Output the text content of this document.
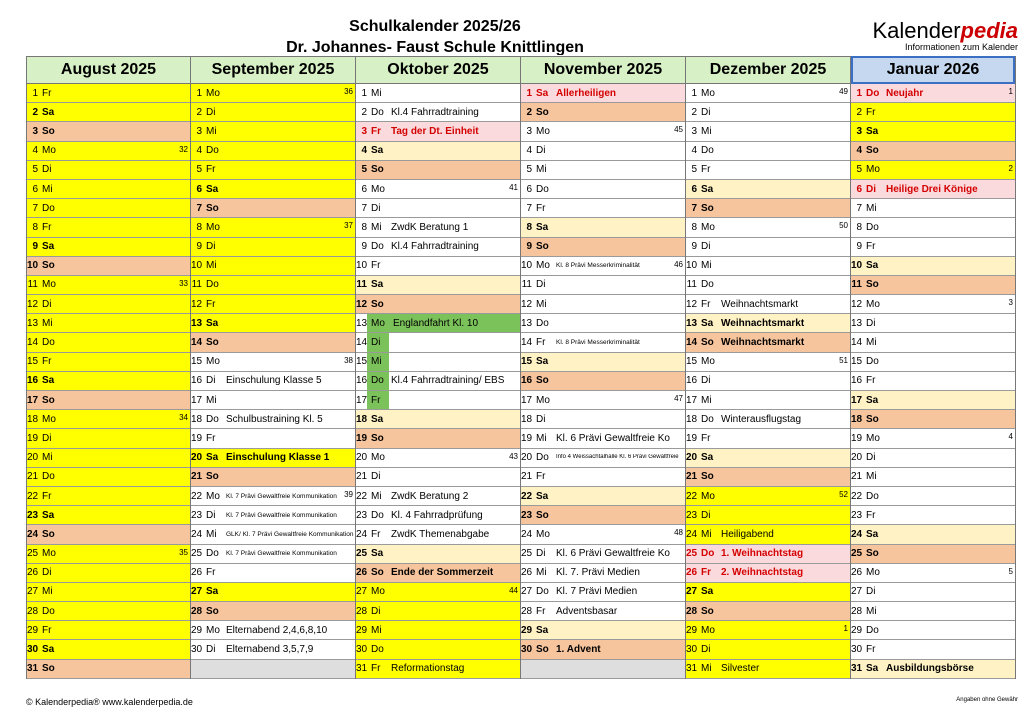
Schulkalender 2025/26
Dr. Johannes- Faust Schule Knittlingen
Kalenderpedia
Informationen zum Kalender
August 2025
1 Fr
2 Sa
3 So
4 Mo	32
5 Di
6 Mi
7 Do
8 Fr
9 Sa
10 So
11 Mo	33
12 Di
13 Mi
14 Do
15 Fr
16 Sa
17 So
18 Mo	34
19 Di
20 Mi
21 Do
22 Fr
23 Sa
24 So
25 Mo	35
26 Di
27 Mi
28 Do
29 Fr
30 Sa
31 So
September 2025
1 Mo	36
2 Di
3 Mi
4 Do
5 Fr
6 Sa
7 So
8 Mo	37
9 Di
10 Mi
11 Do
12 Fr
13 Sa
14 So
15 Mo	38
16 Di	Einschulung Klasse 5
17 Mi
18 Do Schulbustraining Kl. 5
19 Fr
20 Sa Einschulung Klasse 1
21 So
22 Mo Kl. 7 Prävi Gewaltfreie Kommunikation 39
23 Di	Kl. 7 Prävi Gewaltfreie Kommunikation
24 Mi	GLK/ Kl. 7 Prävi Gewaltfreie Kommunikation
25 Do	Kl. 7 Prävi Gewaltfreie Kommunikation
26 Fr
27 Sa
28 So
29 Mo Elternabend 2,4,6,8,10
30 Di	Elternabend 3,5,7,9
Oktober 2025
1 Mi
2 Do Kl.4 Fahrradtraining
3 Fr	Tag der Dt. Einheit
4 Sa
5 So
6 Mo	41
7 Di
8 Mi ZwdK Beratung 1
9 Do Kl.4 Fahrradtraining
10 Fr
11 Sa
12 So
13 Mo Englandfahrt Kl. 10
14 Di
15 Mi
16 Do Kl.4 Fahrradtraining/ EBS
17 Fr
18 Sa
19 So
20 Mo	43
21 Di
22 Mi ZwdK Beratung 2
23 Do Kl. 4 Fahrradprüfung
24 Fr	ZwdK Themenabgabe
25 Sa
26 So Ende der Sommerzeit
27 Mo	44
28 Di
29 Mi
30 Do
31 Fr	Reformationstag
November 2025
1 Sa Allerheiligen
2 So
3 Mo	45
4 Di
5 Mi
6 Do
7 Fr
8 Sa
9 So
10 Mo Kl. 8 Prävi Messerkriminalität	46
11 Di
12 Mi
13 Do
14 Fr	Kl. 8 Prävi Messerkriminalität
15 Sa
16 So
17 Mo	47
18 Di
19 Mi Kl. 6 Prävi Gewaltfreie Ko
20 Do	Info 4 Weissachtalhalle Kl. 6 Prävi Gewaltfreie
21 Fr
22 Sa
23 So
24 Mo	48
25 Di	Kl. 6 Prävi Gewaltfreie Ko
26 Mi Kl. 7. Prävi Medien
27 Do Kl. 7 Prävi Medien
28 Fr	Adventsbasar
29 Sa
30 So 1. Advent
Dezember 2025
1 Mo	49
2 Di
3 Mi
4 Do
5 Fr
6 Sa
7 So
8 Mo	50
9 Di
10 Mi
11 Do
12 Fr	Weihnachtsmarkt
13 Sa Weihnachtsmarkt
14 So Weihnachtsmarkt
15 Mo	51
16 Di
17 Mi
18 Do Winterausflugstag
19 Fr
20 Sa
21 So
22 Mo	52
23 Di
24 Mi Heiligabend
25 Do 1. Weihnachtstag
26 Fr	2. Weihnachtstag
27 Sa
28 So
29 Mo	1
30 Di
31 Mi Silvester
Januar 2026
1 Do Neujahr	1
2 Fr
3 Sa
4 So
5 Mo	2
6 Di	Heilige Drei Könige
7 Mi
8 Do
9 Fr
10 Sa
11 So
12 Mo	3
13 Di
14 Mi
15 Do
16 Fr
17 Sa
18 So
19 Mo	4
20 Di
21 Mi
22 Do
23 Fr
24 Sa
25 So
26 Mo	5
27 Di
28 Mi
29 Do
30 Fr
31 Sa Ausbildungsbörse
© Kalenderpedia® www.kalenderpedia.de	Angaben ohne Gewähr
